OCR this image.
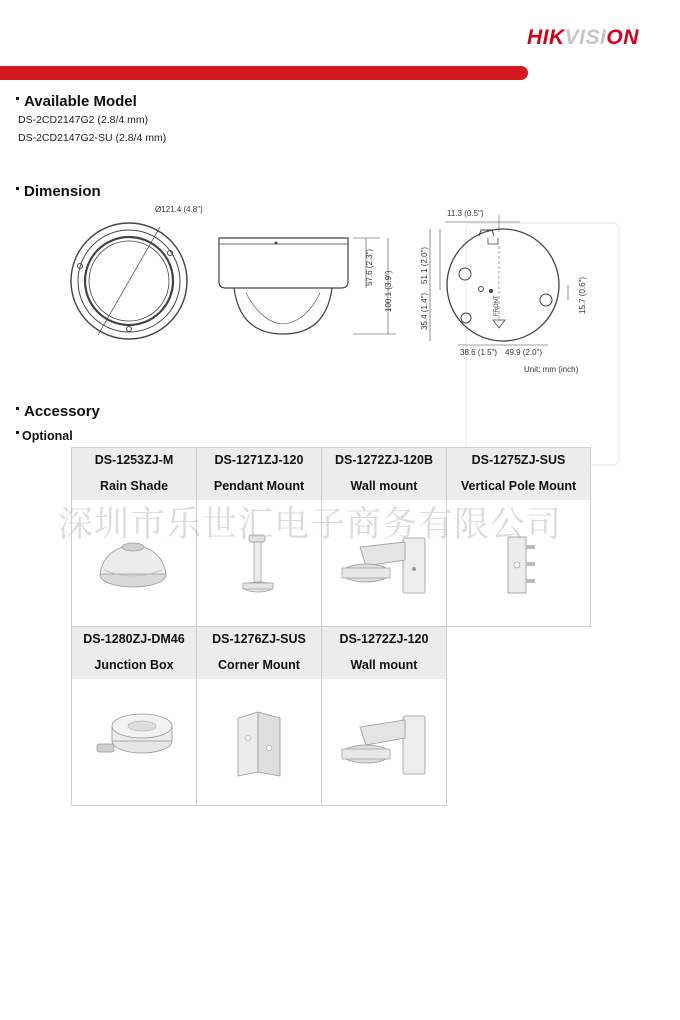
HIKVISION
Available Model
DS-2CD2147G2 (2.8/4 mm)
DS-2CD2147G2-SU (2.8/4 mm)
Dimension
Ø121.4 (4.8")
57.6 (2.3")
100.1 (3.9")
11.3 (0.5")
51.1 (2.0")
35.4 (1.4")	15.7 (0.6")
FRONT
38.6 (1.5") 49.9 (2.0")
Unit: mm (inch)
Accessory
Optional
DS-1253ZJ-M
Rain Shade
DS-1271ZJ-120
Pendant Mount
DS-1272ZJ-120B
Wall mount
DS-1275ZJ-SUS
Vertical Pole Mount
DS-1280ZJ-DM46
Junction Box
DS-1276ZJ-SUS
Corner Mount
DS-1272ZJ-120
Wall mount
深圳市乐世汇电子商务有限公司
